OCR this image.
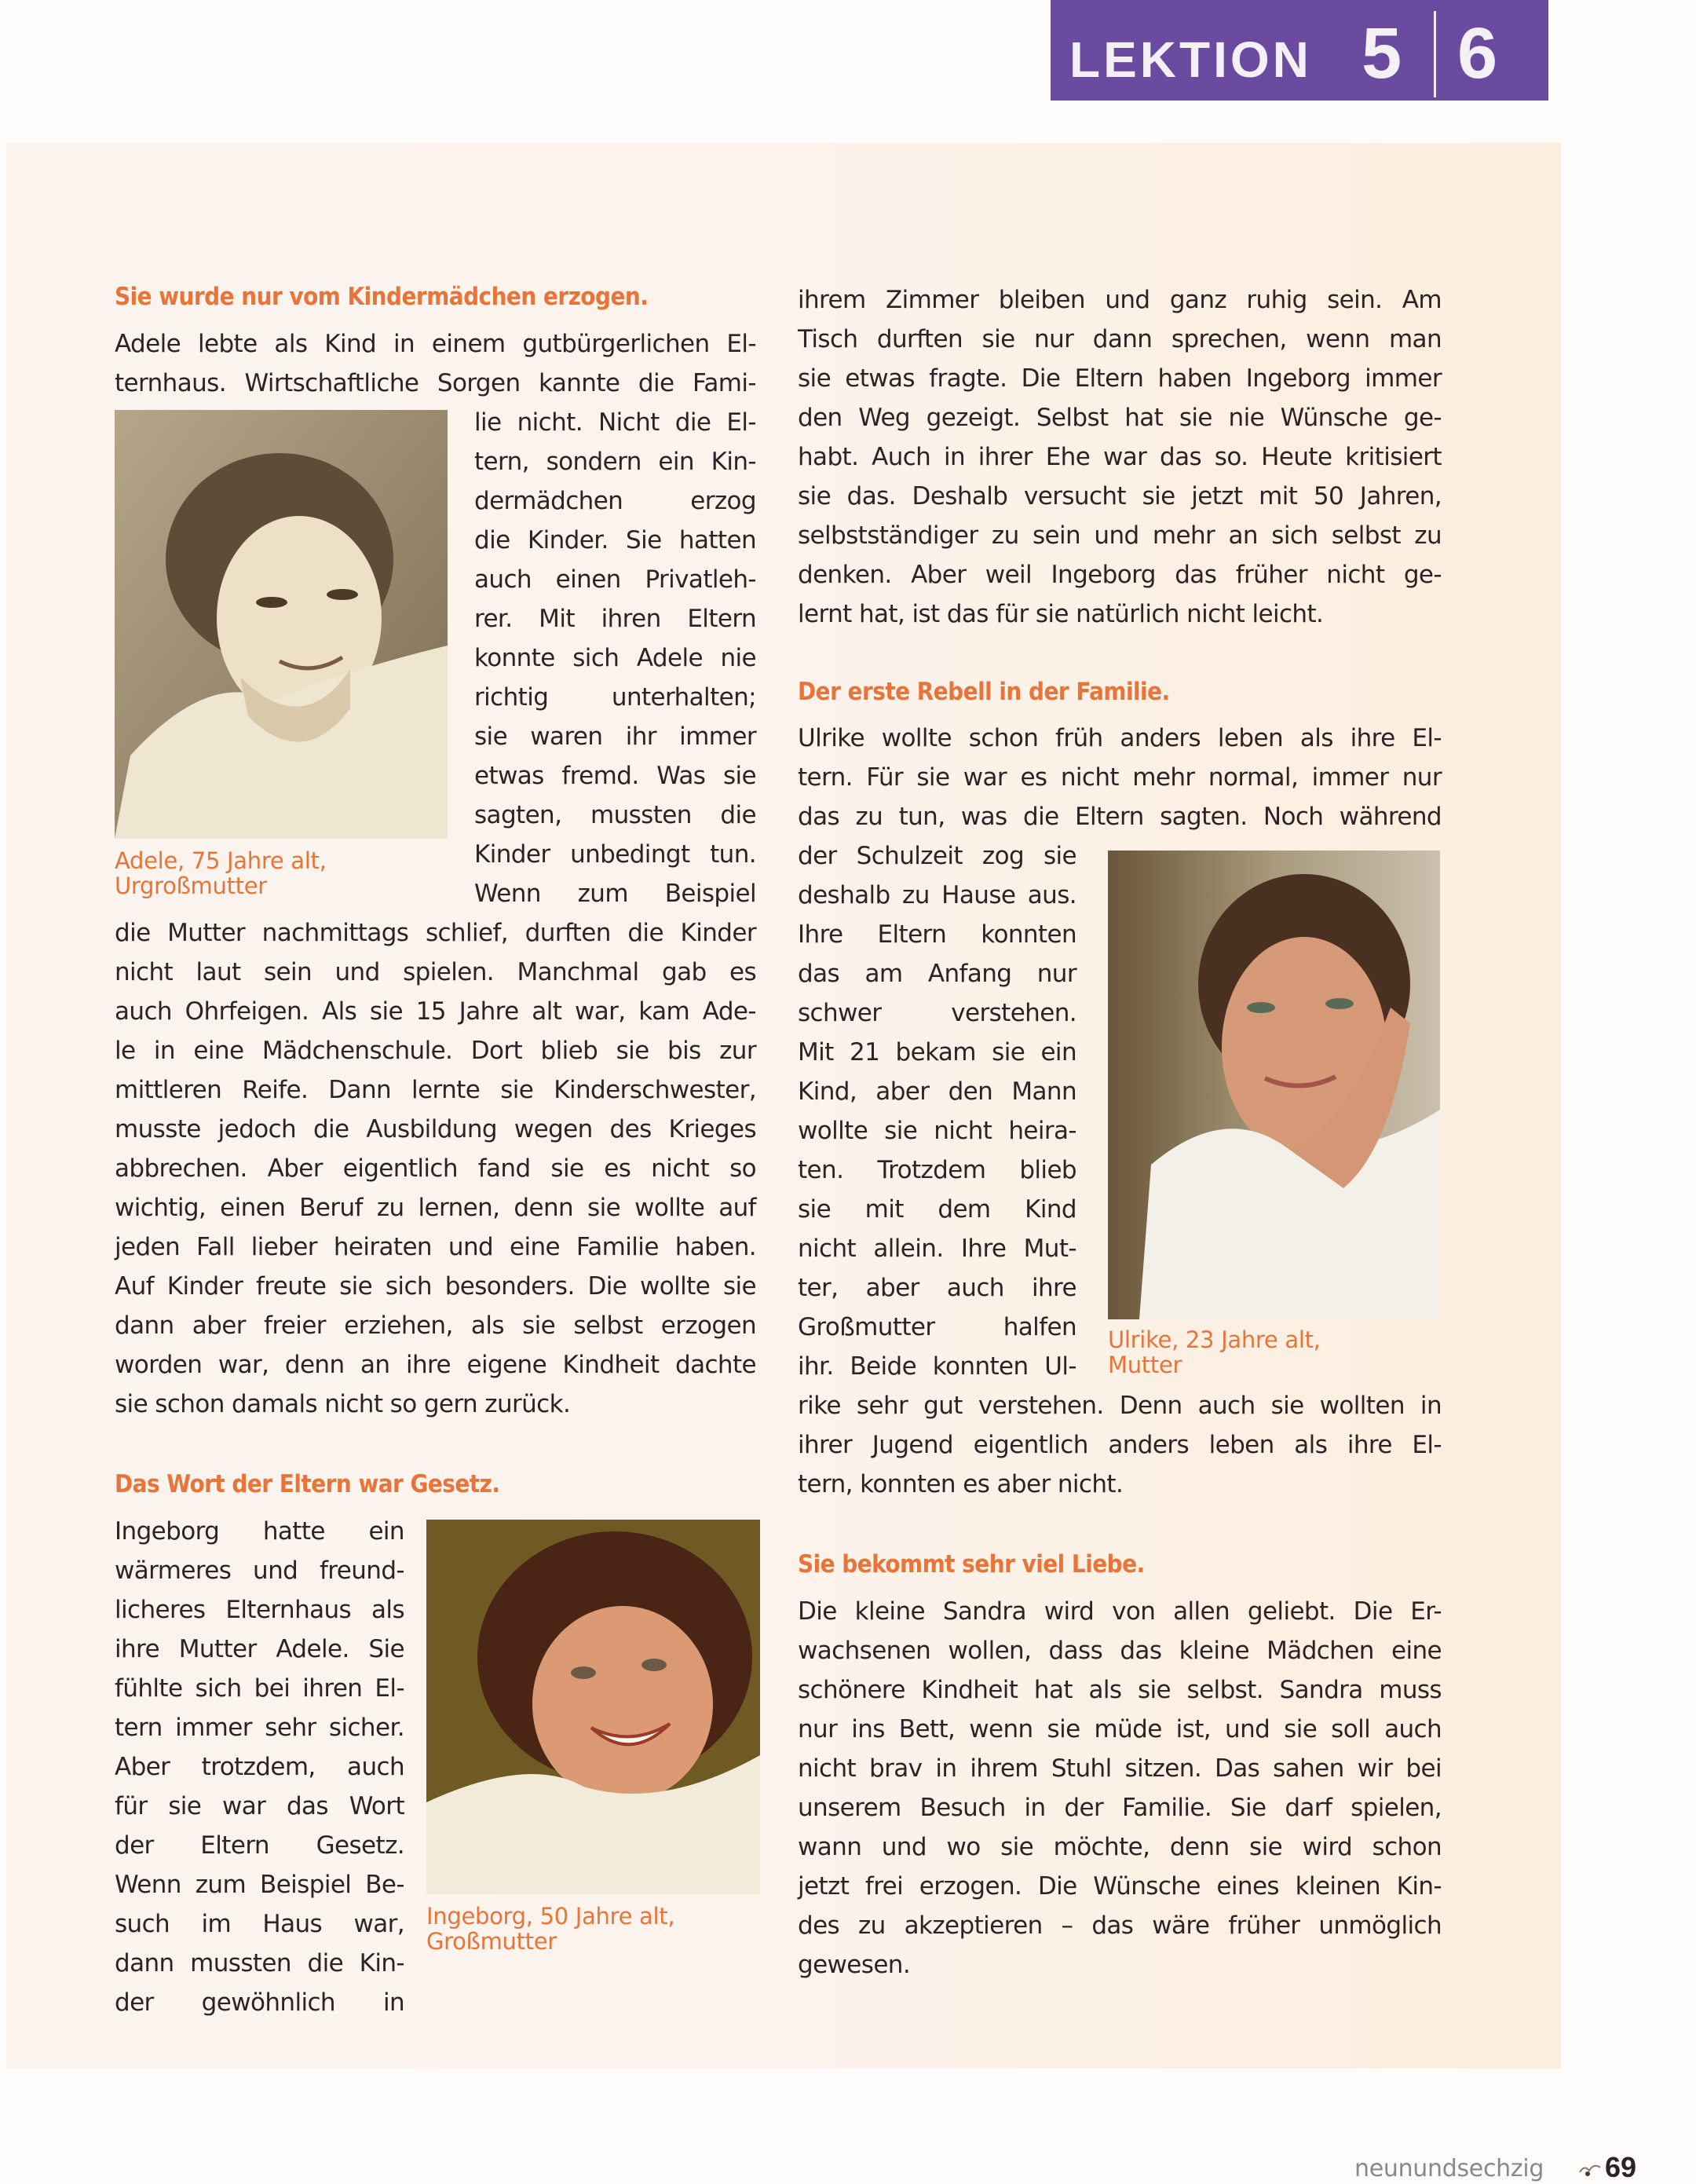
LEKTION 5 6
Sie wurde nur vom Kindermädchen erzogen.
Adele lebte als Kind in einem gutbürgerlichen El-
ternhaus. Wirtschaftliche Sorgen kannte die Fami-
lie nicht. Nicht die El-
tern, sondern ein Kin-
dermädchen erzog
die Kinder. Sie hatten
auch einen Privatleh-
rer. Mit ihren Eltern
konnte sich Adele nie
richtig unterhalten;
sie waren ihr immer
etwas fremd. Was sie
sagten, mussten die
Kinder unbedingt tun.
Wenn zum Beispiel
die Mutter nachmittags schlief, durften die Kinder
nicht laut sein und spielen. Manchmal gab es
auch Ohrfeigen. Als sie 15 Jahre alt war, kam Ade-
le in eine Mädchenschule. Dort blieb sie bis zur
mittleren Reife. Dann lernte sie Kinderschwester,
musste jedoch die Ausbildung wegen des Krieges
abbrechen. Aber eigentlich fand sie es nicht so
wichtig, einen Beruf zu lernen, denn sie wollte auf
jeden Fall lieber heiraten und eine Familie haben.
Auf Kinder freute sie sich besonders. Die wollte sie
dann aber freier erziehen, als sie selbst erzogen
worden war, denn an ihre eigene Kindheit dachte
sie schon damals nicht so gern zurück.
Adele, 75 Jahre alt,
Urgroßmutter
Das Wort der Eltern war Gesetz.
Ingeborg hatte ein
wärmeres und freund-
licheres Elternhaus als
ihre Mutter Adele. Sie
fühlte sich bei ihren El-
tern immer sehr sicher.
Aber trotzdem, auch
für sie war das Wort
der Eltern Gesetz.
Wenn zum Beispiel Be-
such im Haus war,
dann mussten die Kin-
der gewöhnlich in
ihrem Zimmer bleiben und ganz ruhig sein. Am
Tisch durften sie nur dann sprechen, wenn man
sie etwas fragte. Die Eltern haben Ingeborg immer
den Weg gezeigt. Selbst hat sie nie Wünsche ge-
habt. Auch in ihrer Ehe war das so. Heute kritisiert
sie das. Deshalb versucht sie jetzt mit 50 Jahren,
selbstständiger zu sein und mehr an sich selbst zu
denken. Aber weil Ingeborg das früher nicht ge-
lernt hat, ist das für sie natürlich nicht leicht.
Ingeborg, 50 Jahre alt,
Großmutter
Der erste Rebell in der Familie.
Ulrike wollte schon früh anders leben als ihre El-
tern. Für sie war es nicht mehr normal, immer nur
das zu tun, was die Eltern sagten. Noch während
der Schulzeit zog sie
deshalb zu Hause aus.
Ihre Eltern konnten
das am Anfang nur
schwer verstehen.
Mit 21 bekam sie ein
Kind, aber den Mann
wollte sie nicht heira-
ten. Trotzdem blieb
sie mit dem Kind
nicht allein. Ihre Mut-
ter, aber auch ihre
Großmutter halfen
ihr. Beide konnten Ul-
rike sehr gut verstehen. Denn auch sie wollten in
ihrer Jugend eigentlich anders leben als ihre El-
tern, konnten es aber nicht.
Ulrike, 23 Jahre alt,
Mutter
Sie bekommt sehr viel Liebe.
Die kleine Sandra wird von allen geliebt. Die Er-
wachsenen wollen, dass das kleine Mädchen eine
schönere Kindheit hat als sie selbst. Sandra muss
nur ins Bett, wenn sie müde ist, und sie soll auch
nicht brav in ihrem Stuhl sitzen. Das sahen wir bei
unserem Besuch in der Familie. Sie darf spielen,
wann und wo sie möchte, denn sie wird schon
jetzt frei erzogen. Die Wünsche eines kleinen Kin-
des zu akzeptieren – das wäre früher unmöglich
gewesen.
neunundsechzig 69
